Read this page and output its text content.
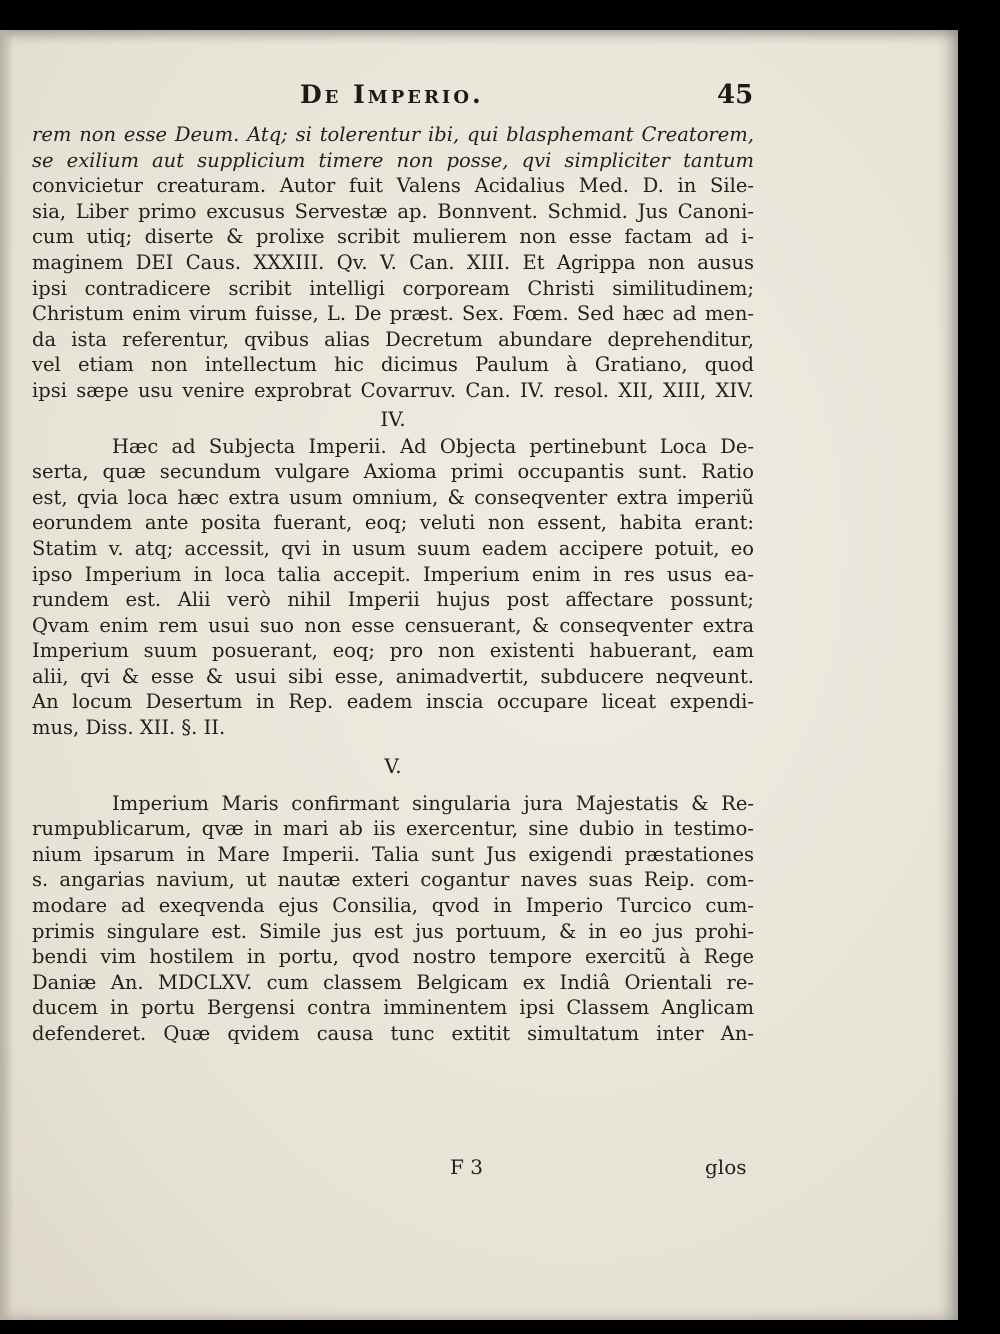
De Imperio.	45
rem non esse Deum. Atq; si tolerentur ibi, qui blasphemant Creatorem,
se exilium aut supplicium timere non posse, qvi simpliciter tantum
convicietur creaturam. Autor fuit Valens Acidalius Med. D. in Sile-
sia, Liber primo excusus Servestæ ap. Bonnvent. Schmid. Jus Canoni-
cum utiq; diserte & prolixe scribit mulierem non esse factam ad i-
maginem DEI Caus. XXXIII. Qv. V. Can. XIII. Et Agrippa non ausus
ipsi contradicere scribit intelligi corpoream Christi similitudinem;
Christum enim virum fuisse, L. De præst. Sex. Fœm. Sed hæc ad men-
da ista referentur, qvibus alias Decretum abundare deprehenditur,
vel etiam non intellectum hic dicimus Paulum à Gratiano, quod
ipsi sæpe usu venire exprobrat Covarruv. Can. IV. resol. XII, XIII, XIV.
IV.
Hæc ad Subjecta Imperii. Ad Objecta pertinebunt Loca De-
serta, quæ secundum vulgare Axioma primi occupantis sunt. Ratio
est, qvia loca hæc extra usum omnium, & conseqventer extra imperiũ
eorundem ante posita fuerant, eoq; veluti non essent, habita erant:
Statim v. atq; accessit, qvi in usum suum eadem accipere potuit, eo
ipso Imperium in loca talia accepit. Imperium enim in res usus ea-
rundem est. Alii verò nihil Imperii hujus post affectare possunt;
Qvam enim rem usui suo non esse censuerant, & conseqventer extra
Imperium suum posuerant, eoq; pro non existenti habuerant, eam
alii, qvi & esse & usui sibi esse, animadvertit, subducere neqveunt.
An locum Desertum in Rep. eadem inscia occupare liceat expendi-
mus, Diss. XII. §. II.
V.
Imperium Maris confirmant singularia jura Majestatis & Re-
rumpublicarum, qvæ in mari ab iis exercentur, sine dubio in testimo-
nium ipsarum in Mare Imperii. Talia sunt Jus exigendi præstationes
s. angarias navium, ut nautæ exteri cogantur naves suas Reip. com-
modare ad exeqvenda ejus Consilia, qvod in Imperio Turcico cum-
primis singulare est. Simile jus est jus portuum, & in eo jus prohi-
bendi vim hostilem in portu, qvod nostro tempore exercitũ à Rege
Daniæ An. MDCLXV. cum classem Belgicam ex Indiâ Orientali re-
ducem in portu Bergensi contra imminentem ipsi Classem Anglicam
defenderet. Quæ qvidem causa tunc extitit simultatum inter An-
F 3	glos
